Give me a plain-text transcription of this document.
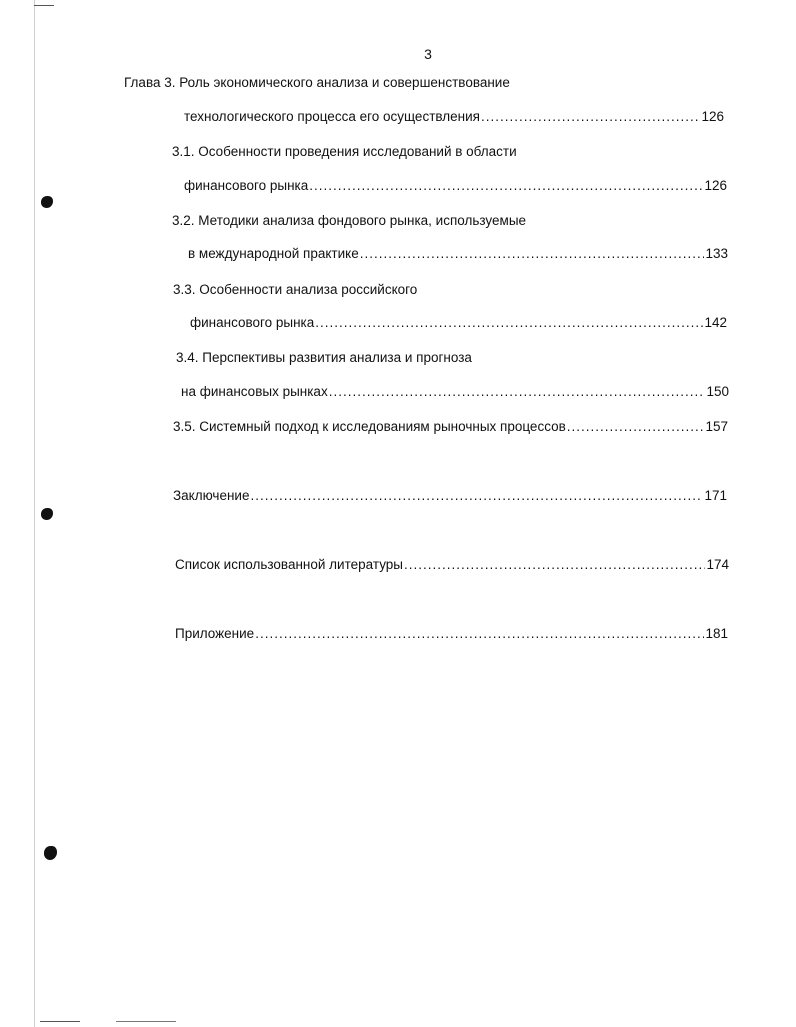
3
Глава 3. Роль экономического анализа и совершенствование
технологического процесса его осуществления .....	126
3.1. Особенности проведения исследований в области
финансового рынка .....	126
3.2. Методики анализа фондового рынка, используемые
в международной практике .....	133
3.3. Особенности анализа российского
финансового рынка .....	142
3.4. Перспективы развития анализа и прогноза
на финансовых рынках .....	150
3.5. Системный подход к исследованиям рыночных процессов .....	157
Заключение .....	171
Список использованной литературы .....	174
Приложение .....	181
